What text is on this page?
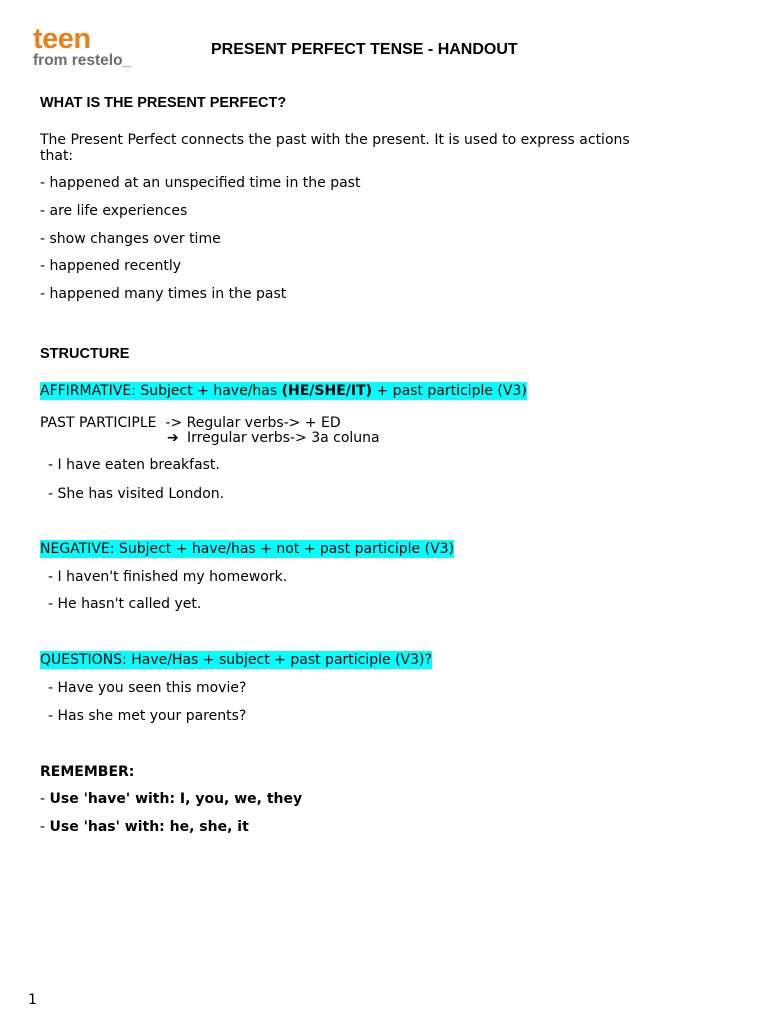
teen
from restelo_
PRESENT PERFECT TENSE - HANDOUT
WHAT IS THE PRESENT PERFECT?
The Present Perfect connects the past with the present. It is used to express actions that:
- happened at an unspecified time in the past
- are life experiences
- show changes over time
- happened recently
- happened many times in the past
STRUCTURE
AFFIRMATIVE: Subject + have/has (HE/SHE/IT) + past participle (V3)
PAST PARTICIPLE  -> Regular verbs-> + ED
➔ Irregular verbs-> 3a coluna
- I have eaten breakfast.
- She has visited London.
NEGATIVE: Subject + have/has + not + past participle (V3)
- I haven't finished my homework.
- He hasn't called yet.
QUESTIONS: Have/Has + subject + past participle (V3)?
- Have you seen this movie?
- Has she met your parents?
REMEMBER:
- Use 'have' with: I, you, we, they
- Use 'has' with: he, she, it
1
